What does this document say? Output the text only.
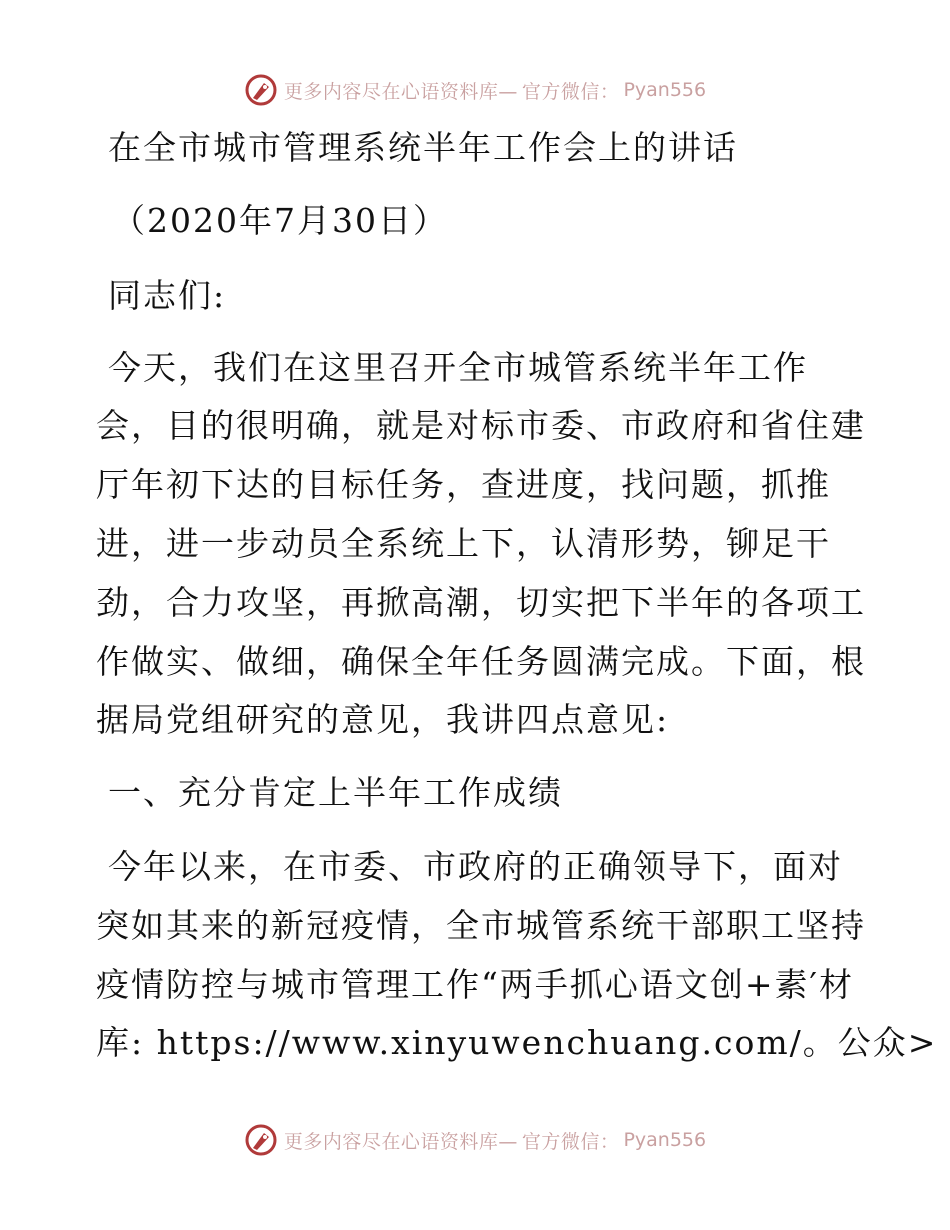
更多内容尽在心语资料库— 官方微信： Pyan556
在全市城市管理系统半年工作会上的讲话
（2020年7月30日）
同志们:
今天，我们在这里召开全市城管系统半年工作
会，目的很明确，就是对标市委、市政府和省住建
厅年初下达的目标任务，查进度，找问题，抓推
进，进一步动员全系统上下，认清形势，铆足干
劲，合力攻坚，再掀高潮，切实把下半年的各项工
作做实、做细，确保全年任务圆满完成。下面，根
据局党组研究的意见，我讲四点意见:
一、充分肯定上半年工作成绩
今年以来，在市委、市政府的正确领导下，面对
突如其来的新冠疫情，全市城管系统干部职工坚持
疫情防控与城市管理工作“两手抓心语文创+素′材
库: https://www.xinyuwenchuang.com/。公众>
更多内容尽在心语资料库— 官方微信： Pyan556
